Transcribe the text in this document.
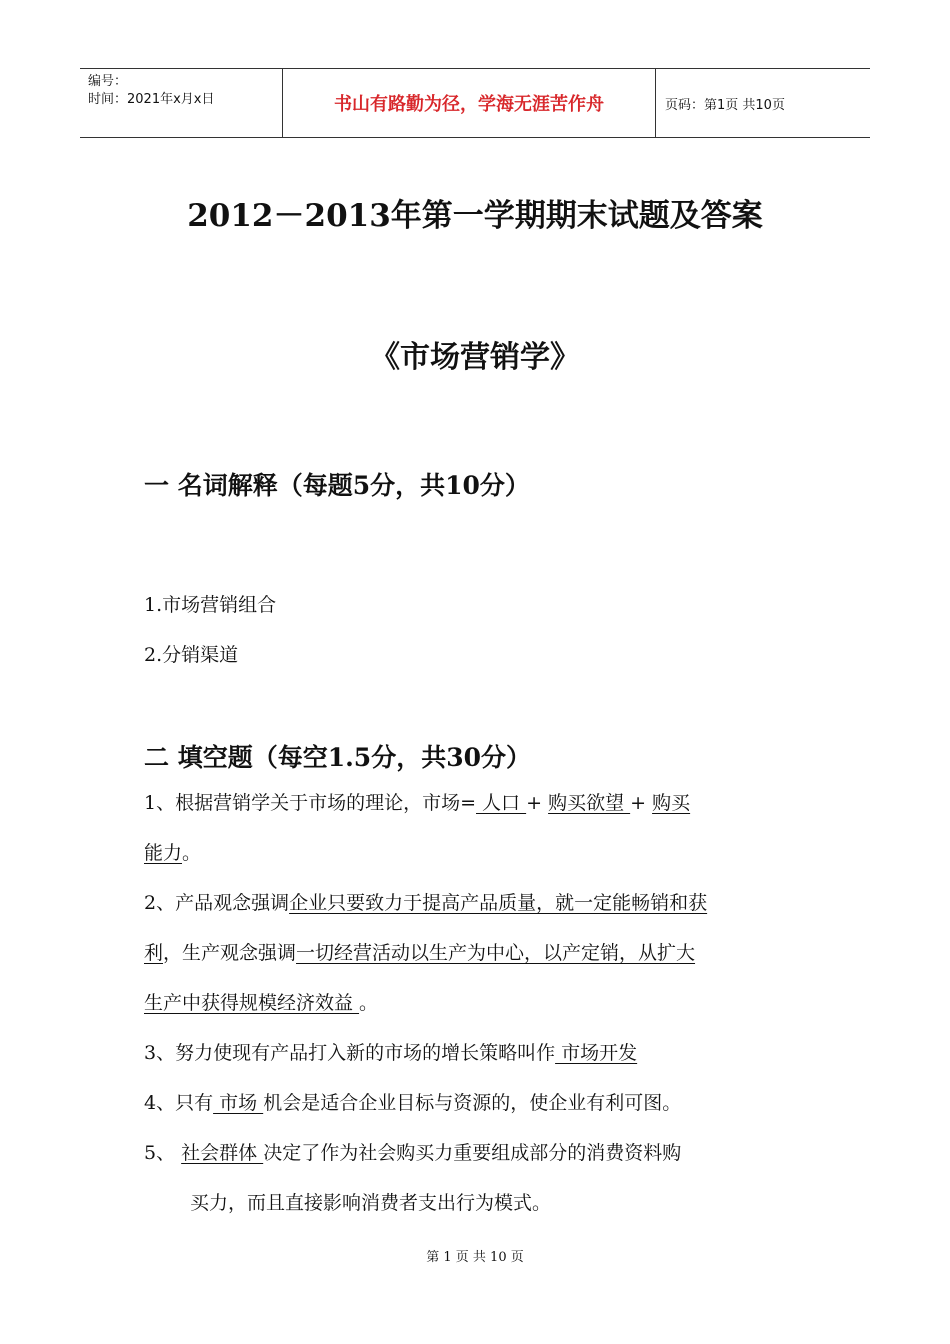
编号：
时间：2021年x月x日	书山有路勤为径，学海无涯苦作舟	页码：第1页 共10页
2012－2013年第一学期期末试题及答案
《市场营销学》
一 名词解释（每题5分，共10分）
1.市场营销组合
2.分销渠道
二 填空题（每空1.5分，共30分）
1、根据营销学关于市场的理论，市场= 人口 + 购买欲望 + 购买
能力。
2、产品观念强调企业只要致力于提高产品质量，就一定能畅销和获
利，生产观念强调一切经营活动以生产为中心，以产定销，从扩大
生产中获得规模经济效益 。
3、努力使现有产品打入新的市场的增长策略叫作 市场开发
4、只有 市场 机会是适合企业目标与资源的，使企业有利可图。
5、 社会群体 决定了作为社会购买力重要组成部分的消费资料购
买力，而且直接影响消费者支出行为模式。
第 1 页 共 10 页
